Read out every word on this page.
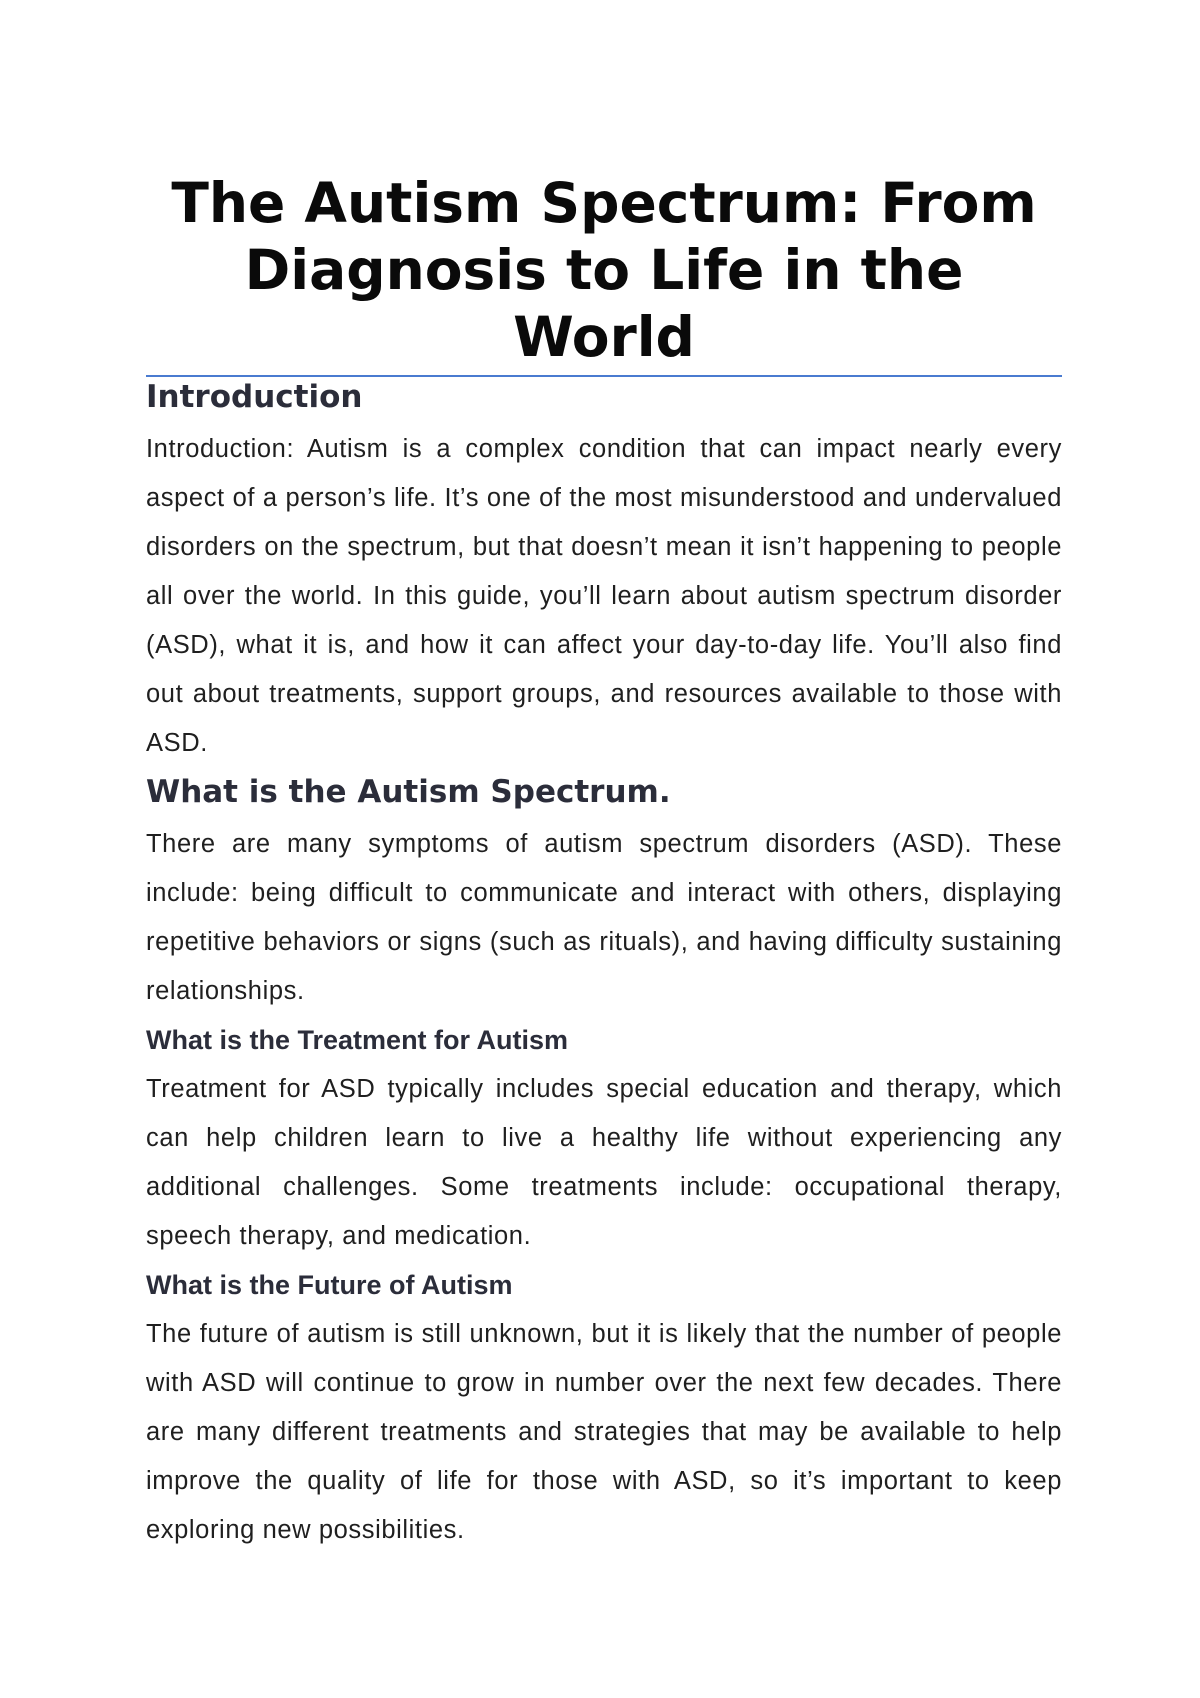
The Autism Spectrum: From Diagnosis to Life in the World
Introduction

Introduction: Autism is a complex condition that can impact nearly every aspect of a person’s life. It’s one of the most misunderstood and undervalued disorders on the spectrum, but that doesn’t mean it isn’t happening to people all over the world. In this guide, you’ll learn about autism spectrum disorder (ASD), what it is, and how it can affect your day-to-day life. You’ll also find out about treatments, support groups, and resources available to those with ASD.

What is the Autism Spectrum.

There are many symptoms of autism spectrum disorders (ASD). These include: being difficult to communicate and interact with others, displaying repetitive behaviors or signs (such as rituals), and having difficulty sustaining relationships.

What is the Treatment for Autism

Treatment for ASD typically includes special education and therapy, which can help children learn to live a healthy life without experiencing any additional challenges. Some treatments include: occupational therapy, speech therapy, and medication.

What is the Future of Autism

The future of autism is still unknown, but it is likely that the number of people with ASD will continue to grow in number over the next few decades. There are many different treatments and strategies that may be available to help improve the quality of life for those with ASD, so it’s important to keep exploring new possibilities.
